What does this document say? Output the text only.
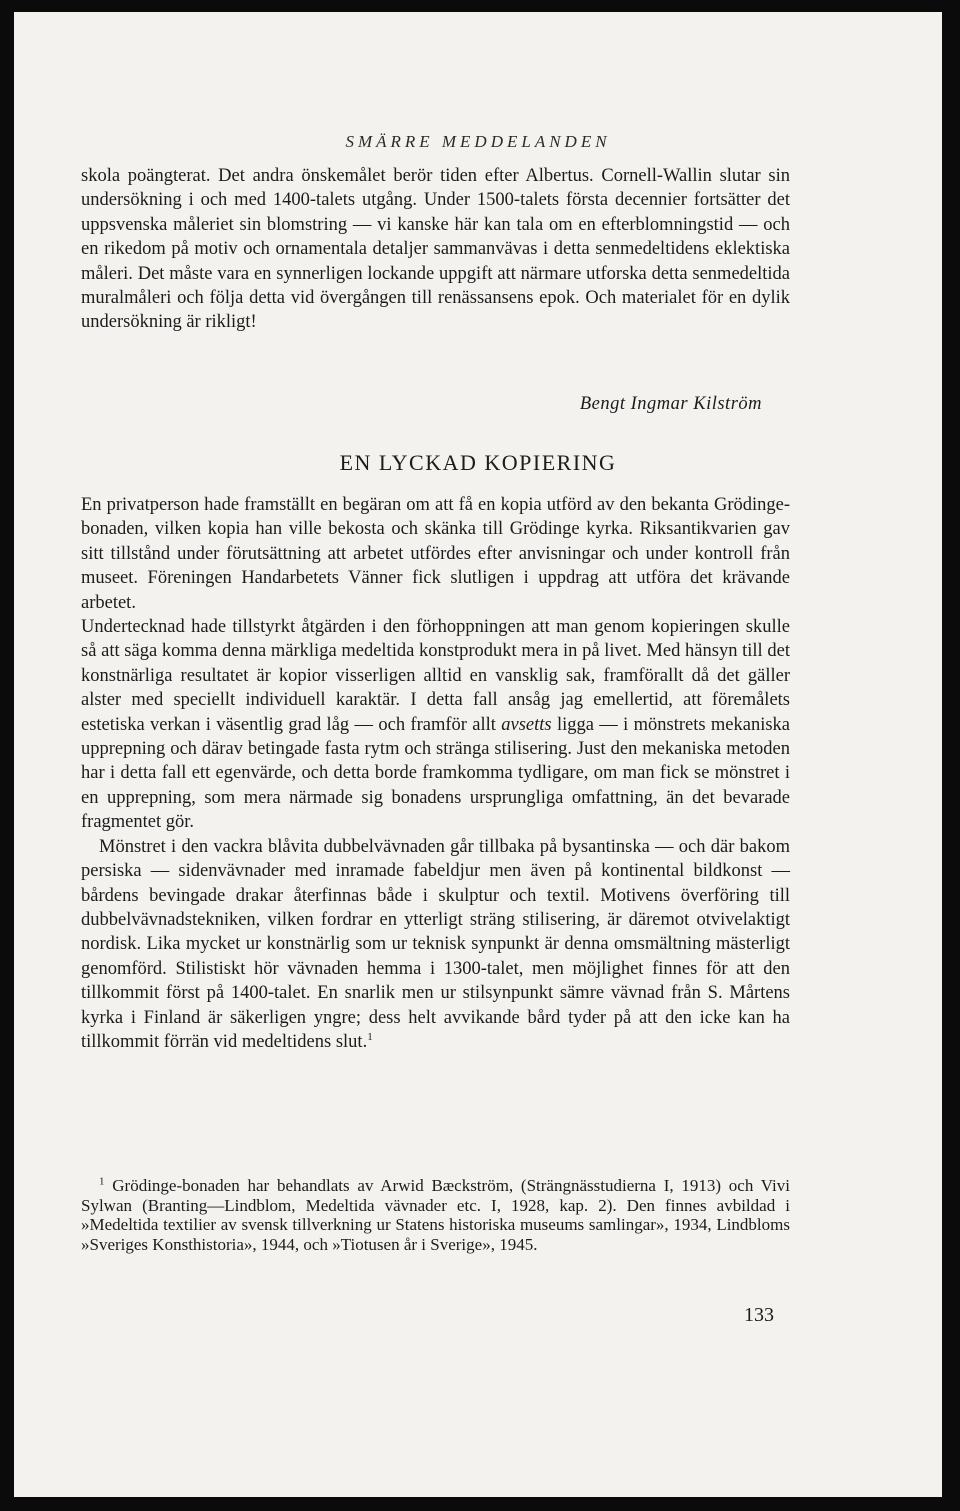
SMÄRRE MEDDELANDEN

skola poängterat. Det andra önskemålet berör tiden efter Albertus. Cornell-Wallin slutar sin undersökning i och med 1400-talets utgång. Under 1500-talets första decennier fortsätter det uppsvenska måleriet sin blomstring — vi kanske här kan tala om en efterblomningstid — och en rikedom på motiv och ornamentala detaljer sammanvävas i detta senmedeltidens eklektiska måleri. Det måste vara en synnerligen lockande uppgift att närmare utforska detta senmedeltida muralmåleri och följa detta vid övergången till renässansens epok. Och materialet för en dylik undersökning är rikligt!

Bengt Ingmar Kilström
EN LYCKAD KOPIERING

En privatperson hade framställt en begäran om att få en kopia utförd av den bekanta Grödinge-bonaden, vilken kopia han ville bekosta och skänka till Grödinge kyrka. Riksantikvarien gav sitt tillstånd under förutsättning att arbetet utfördes efter anvisningar och under kontroll från museet. Föreningen Handarbetets Vänner fick slutligen i uppdrag att utföra det krävande arbetet.

Undertecknad hade tillstyrkt åtgärden i den förhoppningen att man genom kopieringen skulle så att säga komma denna märkliga medeltida konstprodukt mera in på livet. Med hänsyn till det konstnärliga resultatet är kopior visserligen alltid en vansklig sak, framförallt då det gäller alster med speciellt individuell karaktär. I detta fall ansåg jag emellertid, att föremålets estetiska verkan i väsentlig grad låg — och framför allt avsetts ligga — i mönstrets mekaniska upprepning och därav betingade fasta rytm och stränga stilisering. Just den mekaniska metoden har i detta fall ett egenvärde, och detta borde framkomma tydligare, om man fick se mönstret i en upprepning, som mera närmade sig bonadens ursprungliga omfattning, än det bevarade fragmentet gör.

Mönstret i den vackra blåvita dubbelvävnaden går tillbaka på bysantinska — och där bakom persiska — sidenvävnader med inramade fabeldjur men även på kontinental bildkonst — bårdens bevingade drakar återfinnas både i skulptur och textil. Motivens överföring till dubbelvävnadstekniken, vilken fordrar en ytterligt sträng stilisering, är däremot otvivelaktigt nordisk. Lika mycket ur konstnärlig som ur teknisk synpunkt är denna omsmältning mästerligt genomförd. Stilistiskt hör vävnaden hemma i 1300-talet, men möjlighet finnes för att den tillkommit först på 1400-talet. En snarlik men ur stilsynpunkt sämre vävnad från S. Mårtens kyrka i Finland är säkerligen yngre; dess helt avvikande bård tyder på att den icke kan ha tillkommit förrän vid medeltidens slut.$^1$

$^1$ Grödinge-bonaden har behandlats av Arwid Bæckström, (Strängnässtudierna I, 1913) och Vivi Sylwan (Branting—Lindblom, Medeltida vävnader etc. I, 1928, kap. 2). Den finnes avbildad i »Medeltida textilier av svensk tillverkning ur Statens historiska museums samlingar», 1934, Lindbloms »Sveriges Konsthistoria», 1944, och »Tiotusen år i Sverige», 1945.

133
